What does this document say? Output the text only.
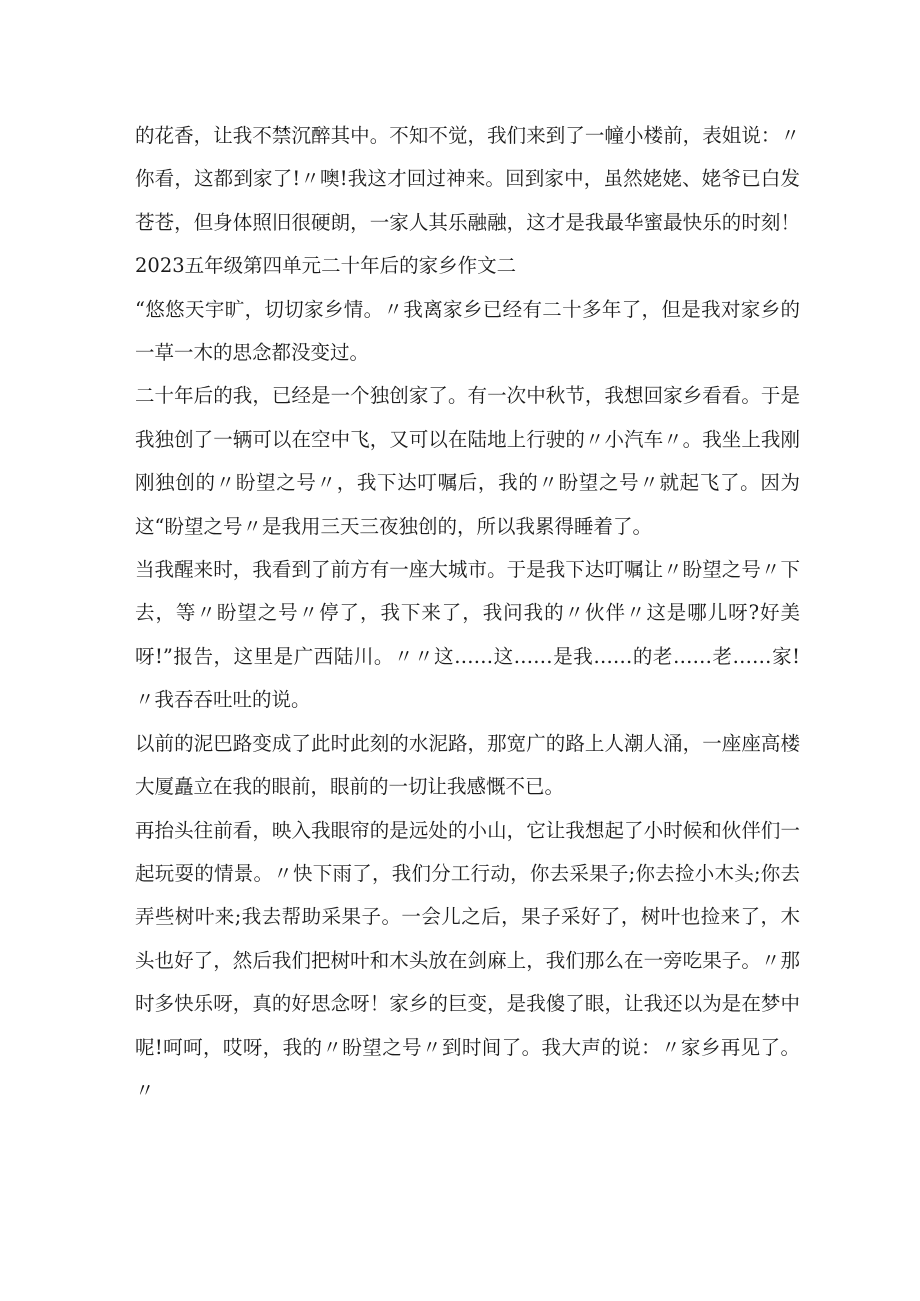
的花香，让我不禁沉醉其中。不知不觉，我们来到了一幢小楼前，表姐说：〃你看，这都到家了!〃噢!我这才回过神来。回到家中，虽然姥姥、姥爷已白发苍苍，但身体照旧很硬朗，一家人其乐融融，这才是我最华蜜最快乐的时刻！2023五年级第四单元二十年后的家乡作文二

“悠悠天宇旷，切切家乡情。〃我离家乡已经有二十多年了，但是我对家乡的一草一木的思念都没变过。

二十年后的我，已经是一个独创家了。有一次中秋节，我想回家乡看看。于是我独创了一辆可以在空中飞，又可以在陆地上行驶的〃小汽车〃。我坐上我刚刚独创的〃盼望之号〃，我下达叮嘱后，我的〃盼望之号〃就起飞了。因为这“盼望之号〃是我用三天三夜独创的，所以我累得睡着了。

当我醒来时，我看到了前方有一座大城市。于是我下达叮嘱让〃盼望之号〃下去，等〃盼望之号〃停了，我下来了，我问我的〃伙伴〃这是哪儿呀?好美呀!”报告，这里是广西陆川。〃〃这……这……是我……的老……老……家!〃我吞吞吐吐的说。

以前的泥巴路变成了此时此刻的水泥路，那宽广的路上人潮人涌，一座座高楼大厦矗立在我的眼前，眼前的一切让我感慨不已。

再抬头往前看，映入我眼帘的是远处的小山，它让我想起了小时候和伙伴们一起玩耍的情景。〃快下雨了，我们分工行动，你去采果子;你去捡小木头;你去弄些树叶来;我去帮助采果子。一会儿之后，果子采好了，树叶也捡来了，木头也好了，然后我们把树叶和木头放在剑麻上，我们那么在一旁吃果子。〃那时多快乐呀，真的好思念呀！家乡的巨变，是我傻了眼，让我还以为是在梦中呢!呵呵，哎呀，我的〃盼望之号〃到时间了。我大声的说：〃家乡再见了。〃
